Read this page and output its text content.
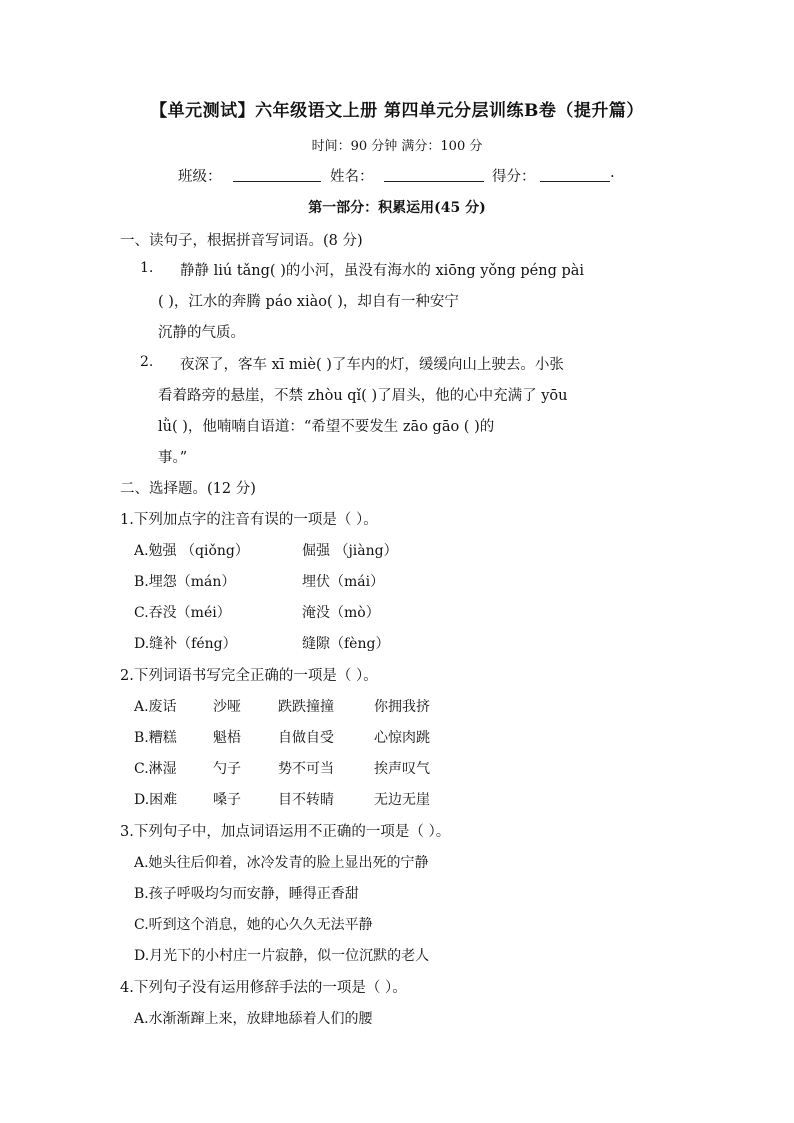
【单元测试】六年级语文上册 第四单元分层训练B卷（提升篇）
时间：90 分钟 满分：100 分
班级：	姓名：	得分：	.
第一部分：积累运用(45 分)
一、读句子，根据拼音写词语。(8 分)
1. 静静 liú tǎng( )的小河，虽没有海水的 xiōng yǒng péng pài
( )，江水的奔腾 páo xiào( )，却自有一种安宁
沉静的气质。
2. 夜深了，客车 xī miè( )了车内的灯，缓缓向山上驶去。小张
看着路旁的悬崖，不禁 zhòu qǐ( )了眉头，他的心中充满了 yōu
lǜ( )，他喃喃自语道：“希望不要发生 zāo gāo ( )的
事。”
二、选择题。(12 分)
1.下列加点字的注音有误的一项是（ ）。
A.勉强 （qiǒng）	倔强 （jiàng）
B.埋怨（mán）	埋伏（mái）
C.吞没（méi）	淹没（mò）
D.缝补（féng）	缝隙（fèng）
2.下列词语书写完全正确的一项是（ ）。
A.废话	沙哑	跌跌撞撞	你拥我挤
B.糟糕	魁梧	自做自受	心惊肉跳
C.淋湿	勺子	势不可当	挨声叹气
D.困难	嗓子	目不转睛	无边无崖
3.下列句子中，加点词语运用不正确的一项是（ ）。
A.她头往后仰着，冰冷发青的脸上显出死的宁静
B.孩子呼吸均匀而安静，睡得正香甜
C.听到这个消息，她的心久久无法平静
D.月光下的小村庄一片寂静，似一位沉默的老人
4.下列句子没有运用修辞手法的一项是（ ）。
A.水渐渐蹿上来，放肆地舔着人们的腰
